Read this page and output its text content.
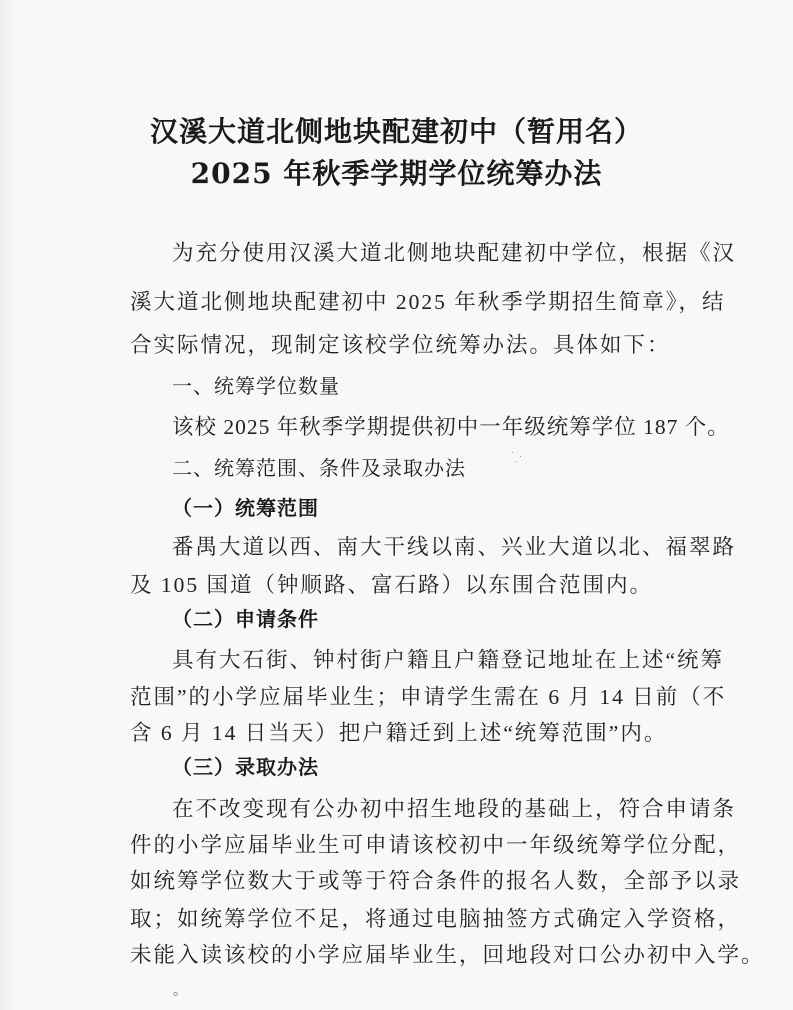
汉溪大道北侧地块配建初中（暂用名）
2025 年秋季学期学位统筹办法
为充分使用汉溪大道北侧地块配建初中学位，根据《汉
溪大道北侧地块配建初中 2025 年秋季学期招生简章》，结
合实际情况，现制定该校学位统筹办法。具体如下：
一、统筹学位数量
该校 2025 年秋季学期提供初中一年级统筹学位 187 个。
二、统筹范围、条件及录取办法
（一）统筹范围
番禺大道以西、南大干线以南、兴业大道以北、福翠路
及 105 国道（钟顺路、富石路）以东围合范围内。
（二）申请条件
具有大石街、钟村街户籍且户籍登记地址在上述“统筹
范围”的小学应届毕业生；申请学生需在 6 月 14 日前（不
含 6 月 14 日当天）把户籍迁到上述“统筹范围”内。
（三）录取办法
在不改变现有公办初中招生地段的基础上，符合申请条
件的小学应届毕业生可申请该校初中一年级统筹学位分配，
如统筹学位数大于或等于符合条件的报名人数，全部予以录
取；如统筹学位不足，将通过电脑抽签方式确定入学资格，
未能入读该校的小学应届毕业生，回地段对口公办初中入学。
。
